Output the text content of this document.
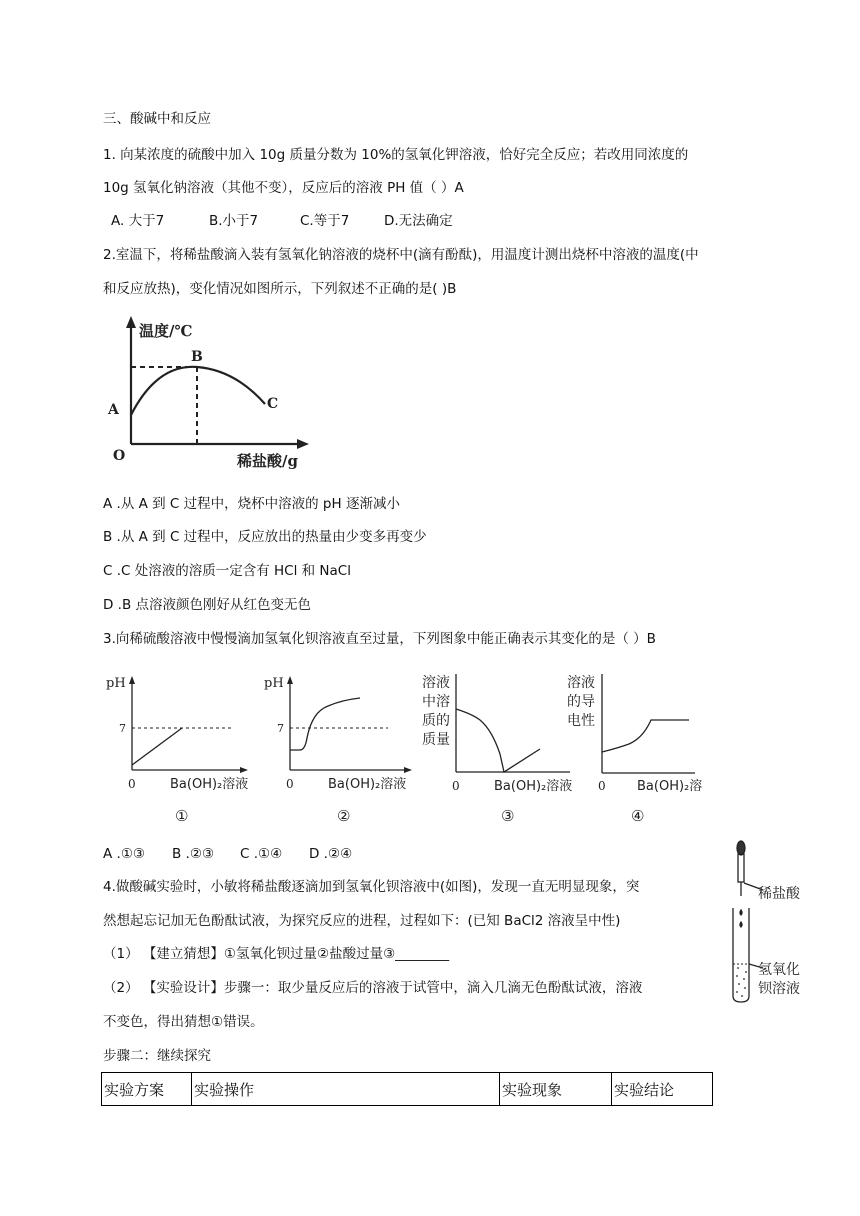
三、酸碱中和反应
1. 向某浓度的硫酸中加入 10g 质量分数为 10%的氢氧化钾溶液，恰好完全反应；若改用同浓度的
10g 氢氧化钠溶液（其他不变），反应后的溶液 PH 值（ ）A
A. 大于7	B.小于7	C.等于7	D.无法确定
2.室温下，将稀盐酸滴入装有氢氧化钠溶液的烧杯中(滴有酚酞)，用温度计测出烧杯中溶液的温度(中
和反应放热)，变化情况如图所示，下列叙述不正确的是( )B
温度/℃
B
A	C
O	稀盐酸/g
A .从 A 到 C 过程中，烧杯中溶液的 pH 逐渐减小
B .从 A 到 C 过程中，反应放出的热量由少变多再变少
C .C 处溶液的溶质一定含有 HCl 和 NaCl
D .B 点溶液颜色刚好从红色变无色
3.向稀硫酸溶液中慢慢滴加氢氧化钡溶液直至过量，下列图象中能正确表示其变化的是（ ）B
pH
7
0	Ba(OH)₂溶液
①
pH
7
0	Ba(OH)₂溶液
②
溶液
中溶
质的
质量
0	Ba(OH)₂溶液
③
溶液
的导
电性
0 Ba(OH)₂溶
④
A .①③ B .②③ C .①④ D .②④
4.做酸碱实验时，小敏将稀盐酸逐滴加到氢氧化钡溶液中(如图)，发现一直无明显现象，突
然想起忘记加无色酚酞试液，为探究反应的进程，过程如下：(已知 BaCl2 溶液呈中性)
（1） 【建立猜想】①氢氧化钡过量②盐酸过量③________
（2） 【实验设计】步骤一：取少量反应后的溶液于试管中，滴入几滴无色酚酞试液，溶液
不变色，得出猜想①错误。
步骤二：继续探究
稀盐酸
氢氧化
钡溶液
实验方案	实验操作	实验现象	实验结论
